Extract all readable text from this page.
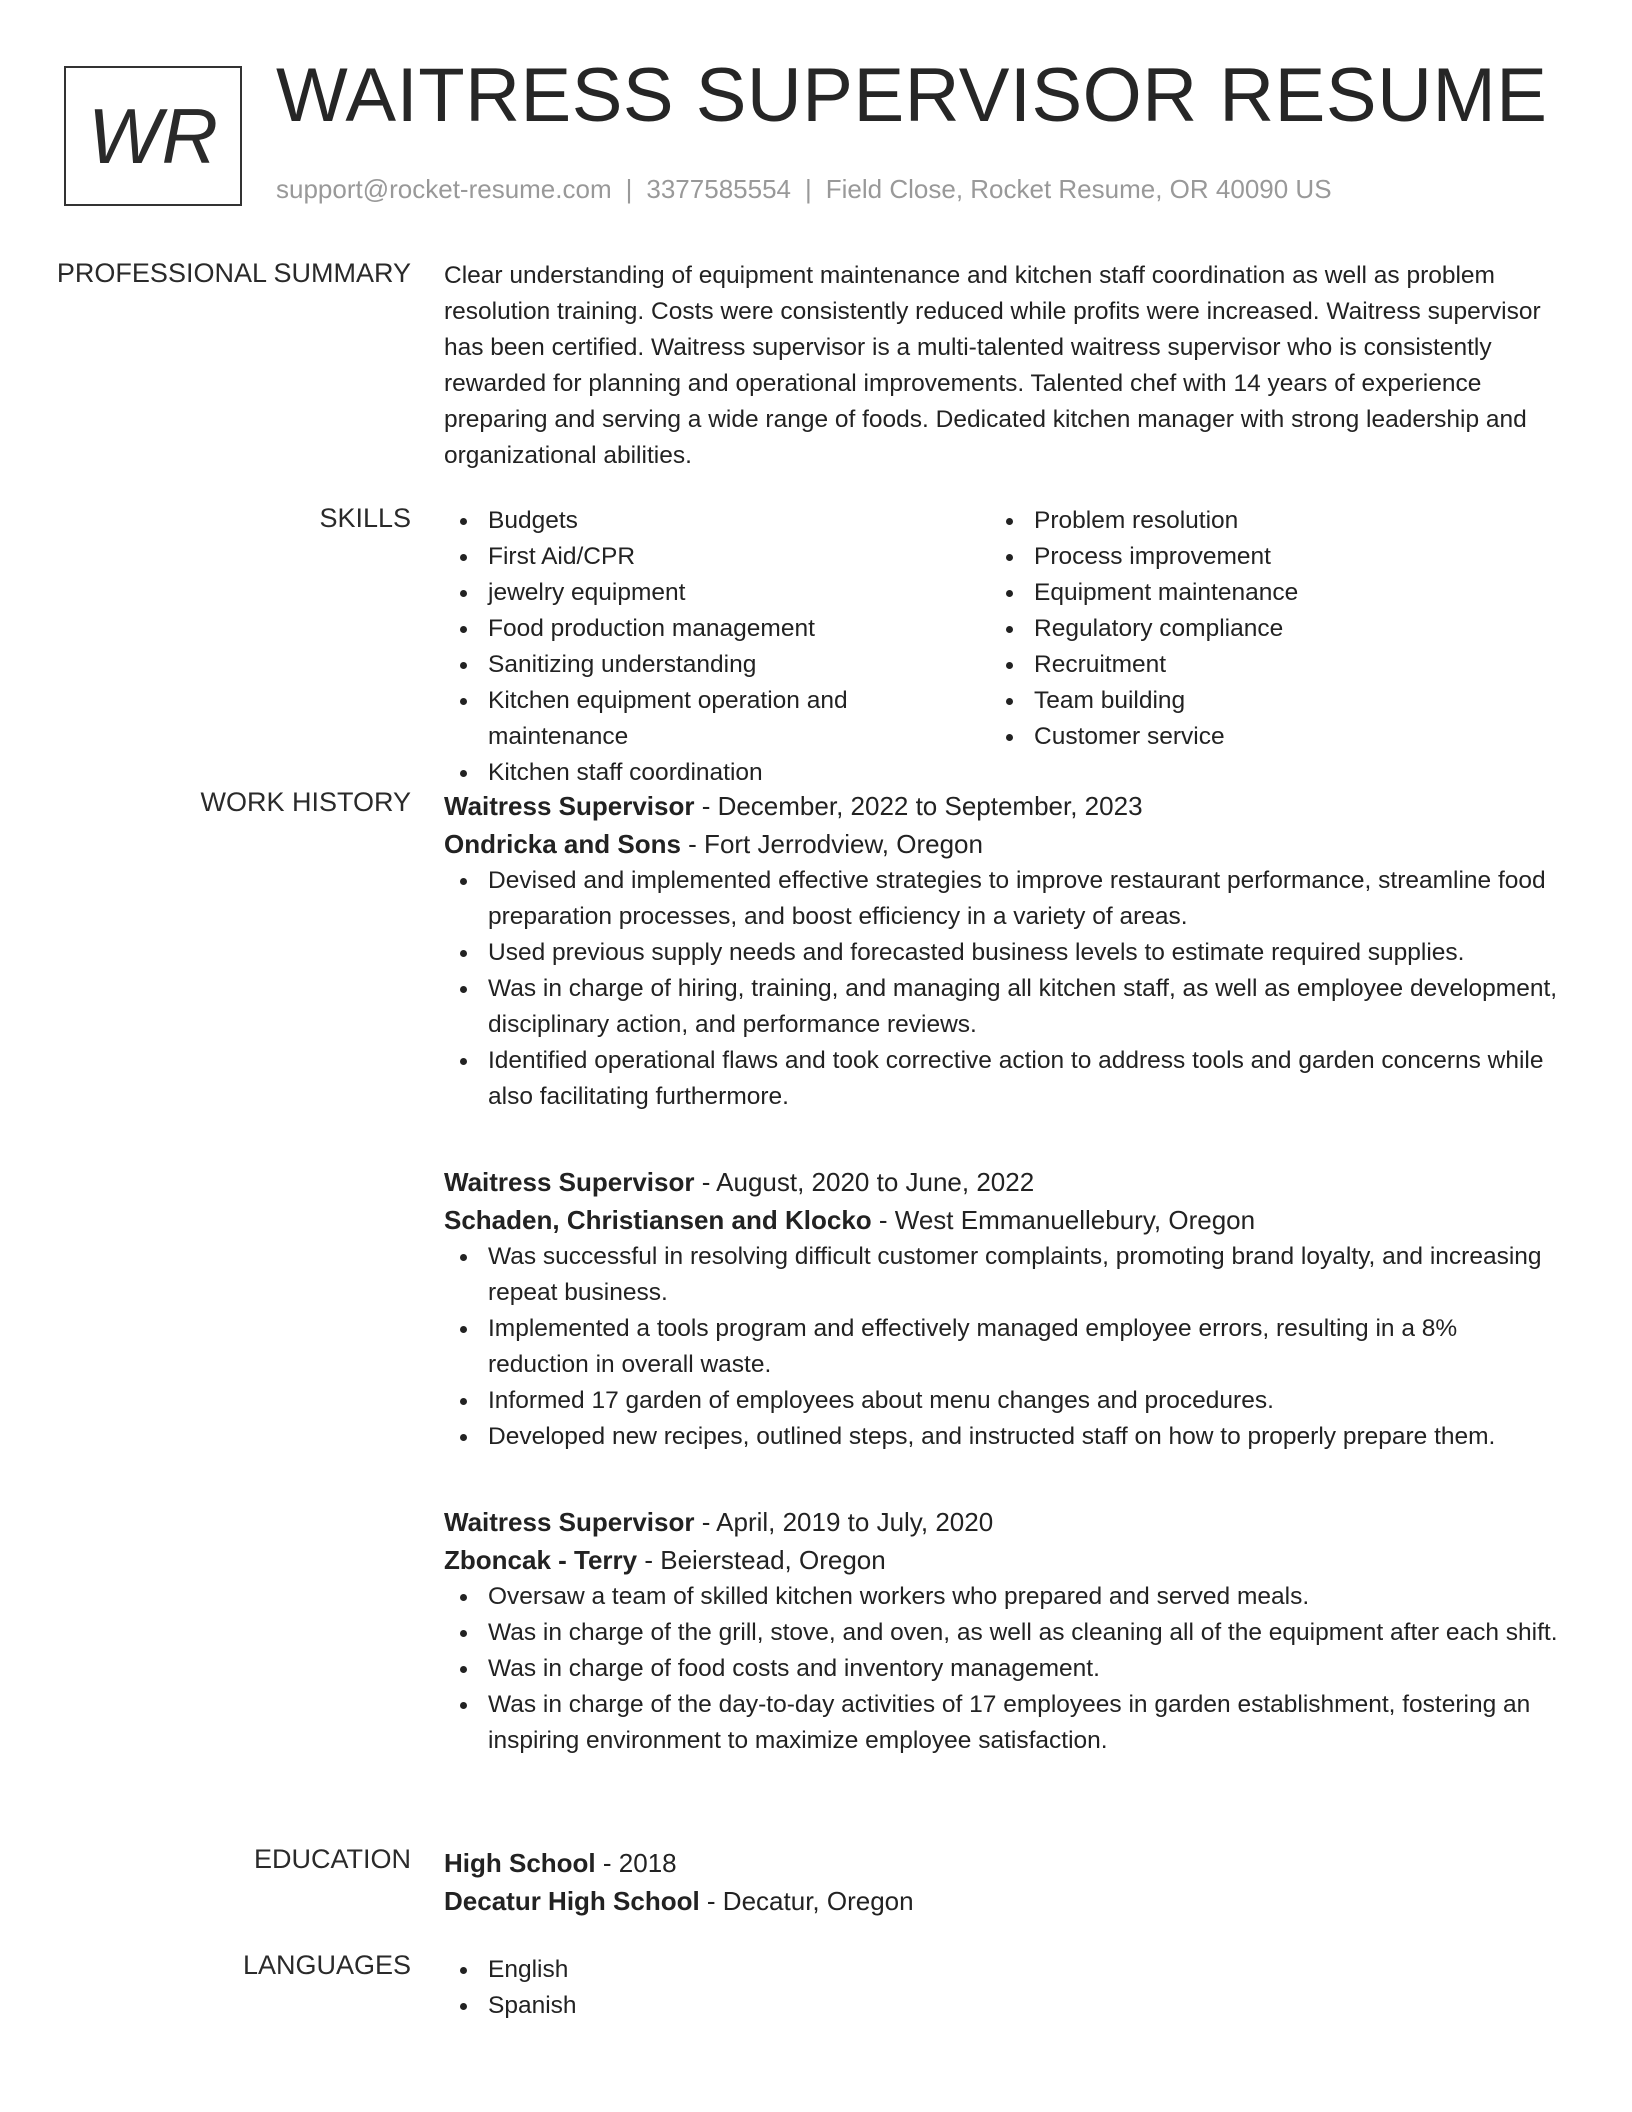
WR WAITRESS SUPERVISOR RESUME
support@rocket-resume.com | 3377585554 | Field Close, Rocket Resume, OR 40090 US
PROFESSIONAL SUMMARY Clear understanding of equipment maintenance and kitchen staff coordination as well as problem resolution training. Costs were consistently reduced while profits were increased. Waitress supervisor has been certified. Waitress supervisor is a multi-talented waitress supervisor who is consistently rewarded for planning and operational improvements. Talented chef with 14 years of experience preparing and serving a wide range of foods. Dedicated kitchen manager with strong leadership and organizational abilities.

SKILLS	Budgets
First Aid/CPR
jewelry equipment
Food production management
Sanitizing understanding
Kitchen equipment operation and maintenance
Kitchen staff coordination
Problem resolution
Process improvement
Equipment maintenance
Regulatory compliance
Recruitment
Team building
Customer service
WORK HISTORY Waitress Supervisor - December, 2022 to September, 2023
Ondricka and Sons - Fort Jerrodview, Oregon
Devised and implemented effective strategies to improve restaurant performance, streamline food preparation processes, and boost efficiency in a variety of areas.
Used previous supply needs and forecasted business levels to estimate required supplies.
Was in charge of hiring, training, and managing all kitchen staff, as well as employee development, disciplinary action, and performance reviews.
Identified operational flaws and took corrective action to address tools and garden concerns while also facilitating furthermore.
Waitress Supervisor - August, 2020 to June, 2022
Schaden, Christiansen and Klocko - West Emmanuellebury, Oregon
Was successful in resolving difficult customer complaints, promoting brand loyalty, and increasing repeat business.
Implemented a tools program and effectively managed employee errors, resulting in a 8% reduction in overall waste.
Informed 17 garden of employees about menu changes and procedures.
Developed new recipes, outlined steps, and instructed staff on how to properly prepare them.
Waitress Supervisor - April, 2019 to July, 2020
Zboncak - Terry - Beierstead, Oregon
Oversaw a team of skilled kitchen workers who prepared and served meals.
Was in charge of the grill, stove, and oven, as well as cleaning all of the equipment after each shift.
Was in charge of food costs and inventory management.
Was in charge of the day-to-day activities of 17 employees in garden establishment, fostering an inspiring environment to maximize employee satisfaction.
EDUCATION High School - 2018
Decatur High School - Decatur, Oregon
LANGUAGES	English
Spanish
